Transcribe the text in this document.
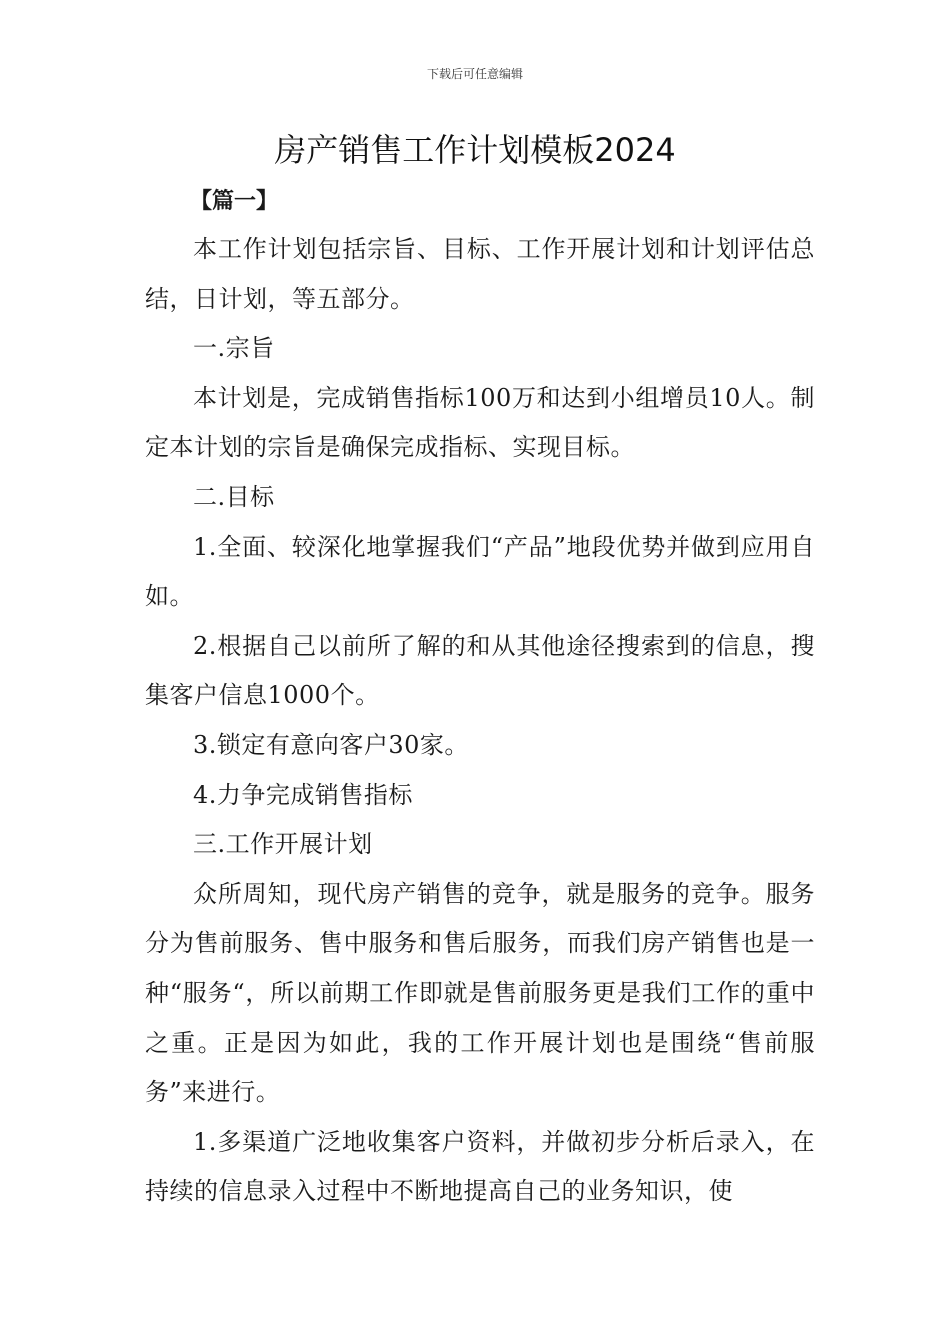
下载后可任意编辑
房产销售工作计划模板2024
【篇一】

本工作计划包括宗旨、目标、工作开展计划和计划评估总结，日计划，等五部分。

一.宗旨

本计划是，完成销售指标100万和达到小组增员10人。制定本计划的宗旨是确保完成指标、实现目标。

二.目标

1.全面、较深化地掌握我们“产品”地段优势并做到应用自如。

2.根据自己以前所了解的和从其他途径搜索到的信息，搜集客户信息1000个。

3.锁定有意向客户30家。

4.力争完成销售指标

三.工作开展计划

众所周知，现代房产销售的竞争，就是服务的竞争。服务分为售前服务、售中服务和售后服务，而我们房产销售也是一种“服务“，所以前期工作即就是售前服务更是我们工作的重中之重。正是因为如此，我的工作开展计划也是围绕“售前服务”来进行。

1.多渠道广泛地收集客户资料，并做初步分析后录入，在持续的信息录入过程中不断地提高自己的业务知识，使
